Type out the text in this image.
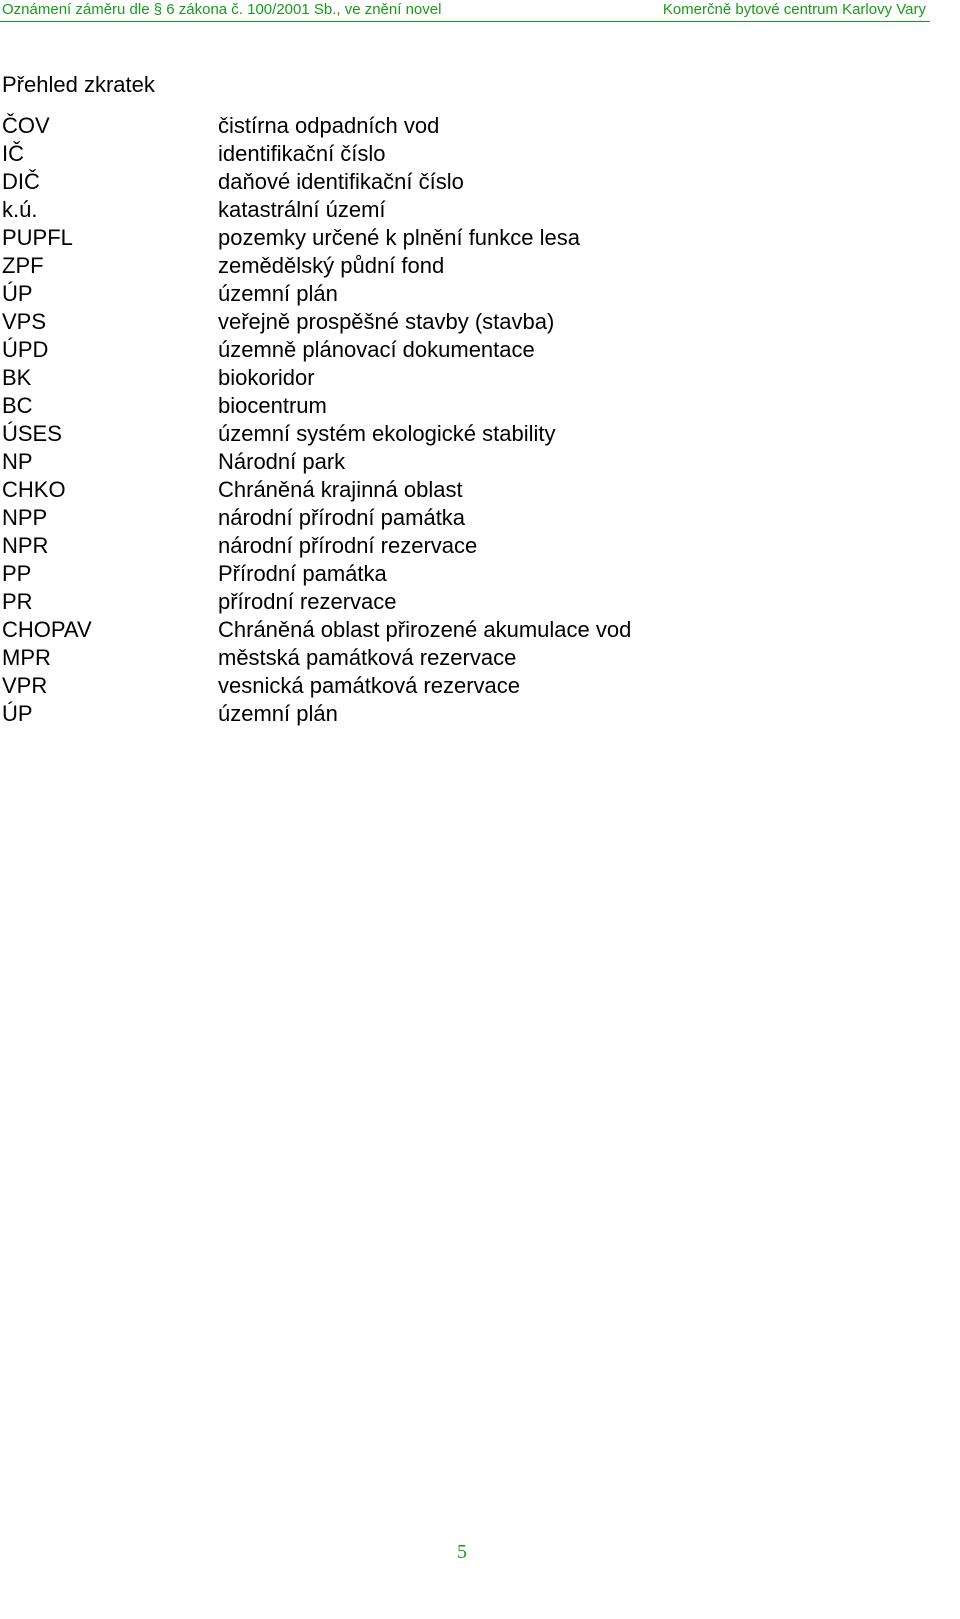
Oznámení záměru dle § 6 zákona č. 100/2001 Sb., ve znění novel	Komerčně bytové centrum Karlovy Vary
Přehled zkratek
ČOV	čistírna odpadních vod
IČ	identifikační číslo
DIČ	daňové identifikační číslo
k.ú.	katastrální území
PUPFL	pozemky určené k plnění funkce lesa
ZPF	zemědělský půdní fond
ÚP	územní plán
VPS	veřejně prospěšné stavby (stavba)
ÚPD	územně plánovací dokumentace
BK	biokoridor
BC	biocentrum
ÚSES	územní systém ekologické stability
NP	Národní park
CHKO	Chráněná krajinná oblast
NPP	národní přírodní památka
NPR	národní přírodní rezervace
PP	Přírodní památka
PR	přírodní rezervace
CHOPAV	Chráněná oblast přirozené akumulace vod
MPR	městská památková rezervace
VPR	vesnická památková rezervace
ÚP	územní plán
5
